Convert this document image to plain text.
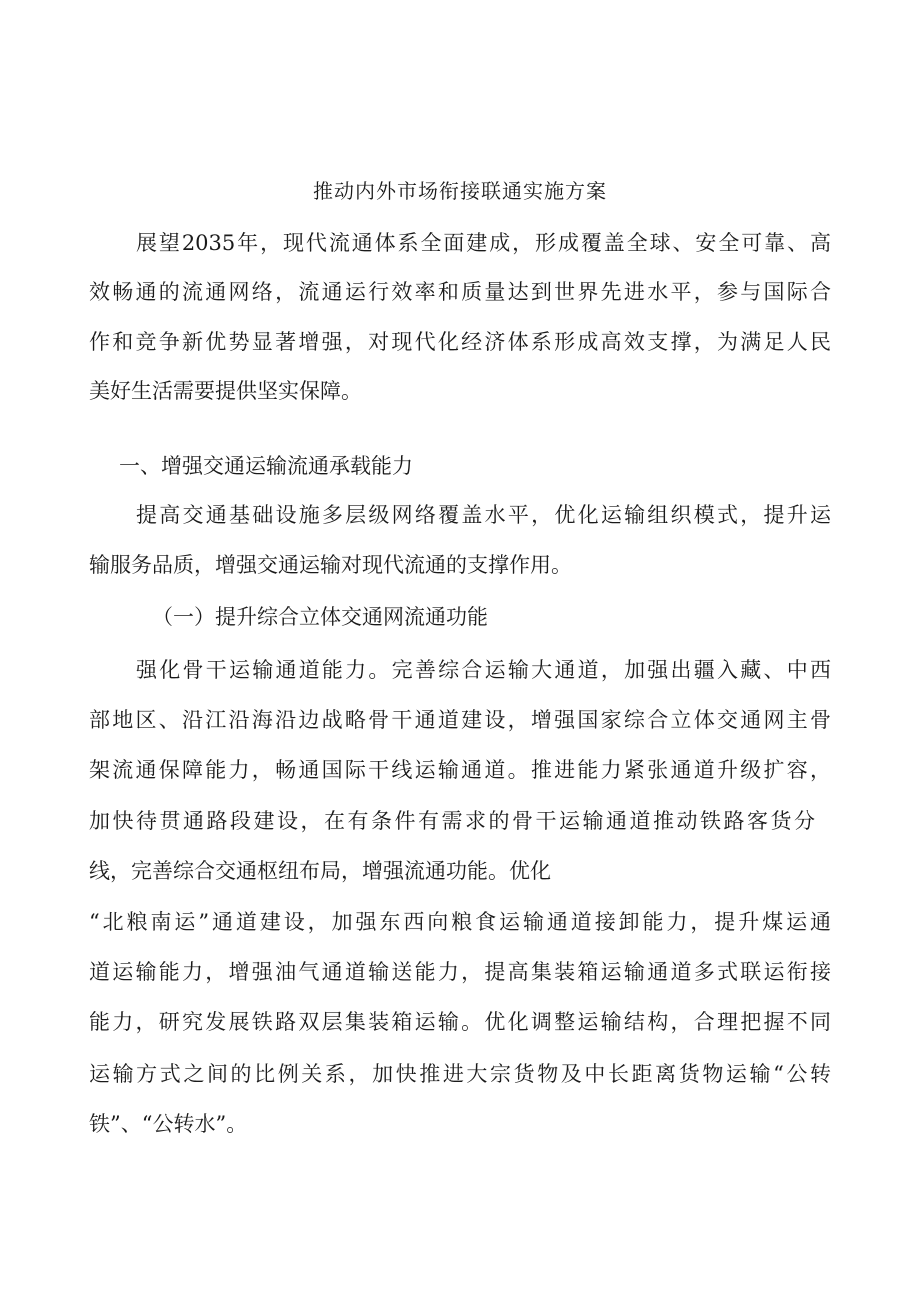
推动内外市场衔接联通实施方案
展望2035年，现代流通体系全面建成，形成覆盖全球、安全可靠、高
效畅通的流通网络，流通运行效率和质量达到世界先进水平，参与国际合
作和竞争新优势显著增强，对现代化经济体系形成高效支撑，为满足人民
美好生活需要提供坚实保障。
一、增强交通运输流通承载能力
提高交通基础设施多层级网络覆盖水平，优化运输组织模式，提升运
输服务品质，增强交通运输对现代流通的支撑作用。
（一）提升综合立体交通网流通功能
强化骨干运输通道能力。完善综合运输大通道，加强出疆入藏、中西
部地区、沿江沿海沿边战略骨干通道建设，增强国家综合立体交通网主骨
架流通保障能力，畅通国际干线运输通道。推进能力紧张通道升级扩容，
加快待贯通路段建设，在有条件有需求的骨干运输通道推动铁路客货分
线，完善综合交通枢纽布局，增强流通功能。优化
“北粮南运”通道建设，加强东西向粮食运输通道接卸能力，提升煤运通
道运输能力，增强油气通道输送能力，提高集装箱运输通道多式联运衔接
能力，研究发展铁路双层集装箱运输。优化调整运输结构，合理把握不同
运输方式之间的比例关系，加快推进大宗货物及中长距离货物运输“公转
铁”、“公转水”。
